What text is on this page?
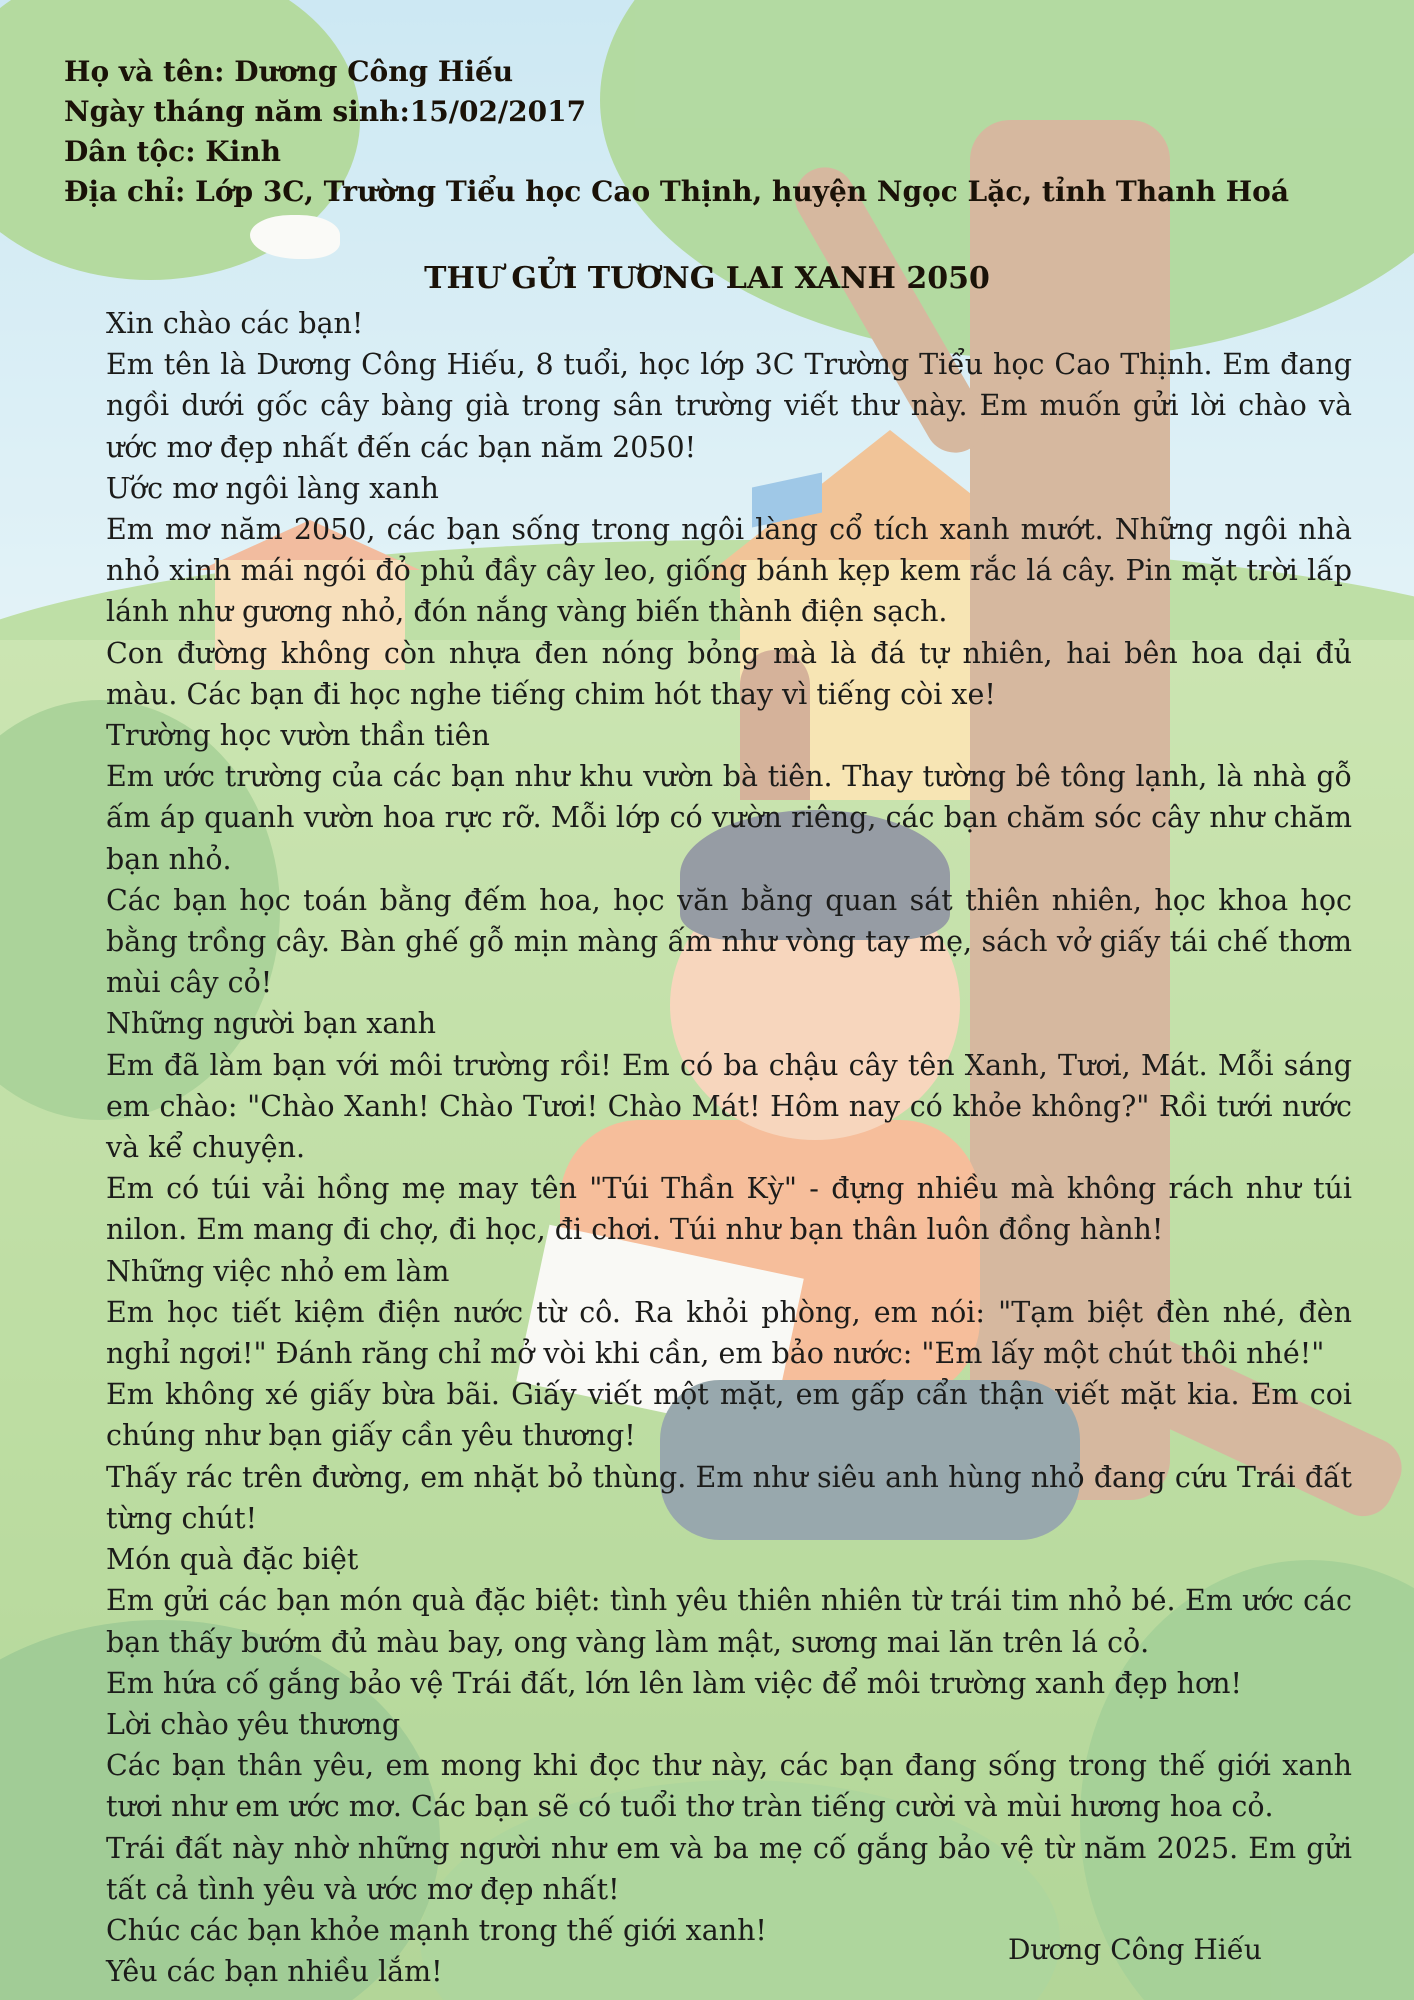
Họ và tên: Dương Công Hiếu
Ngày tháng năm sinh:15/02/2017
Dân tộc: Kinh
Địa chỉ: Lớp 3C, Trường Tiểu học Cao Thịnh, huyện Ngọc Lặc, tỉnh Thanh Hoá
THƯ GỬI TƯƠNG LAI XANH 2050

Xin chào các bạn!

Em tên là Dương Công Hiếu, 8 tuổi, học lớp 3C Trường Tiểu học Cao Thịnh. Em đang ngồi dưới gốc cây bàng già trong sân trường viết thư này. Em muốn gửi lời chào và ước mơ đẹp nhất đến các bạn năm 2050!

Ước mơ ngôi làng xanh

Em mơ năm 2050, các bạn sống trong ngôi làng cổ tích xanh mướt. Những ngôi nhà nhỏ xinh mái ngói đỏ phủ đầy cây leo, giống bánh kẹp kem rắc lá cây. Pin mặt trời lấp lánh như gương nhỏ, đón nắng vàng biến thành điện sạch.

Con đường không còn nhựa đen nóng bỏng mà là đá tự nhiên, hai bên hoa dại đủ màu. Các bạn đi học nghe tiếng chim hót thay vì tiếng còi xe!

Trường học vườn thần tiên

Em ước trường của các bạn như khu vườn bà tiên. Thay tường bê tông lạnh, là nhà gỗ ấm áp quanh vườn hoa rực rỡ. Mỗi lớp có vườn riêng, các bạn chăm sóc cây như chăm bạn nhỏ.

Các bạn học toán bằng đếm hoa, học văn bằng quan sát thiên nhiên, học khoa học bằng trồng cây. Bàn ghế gỗ mịn màng ấm như vòng tay mẹ, sách vở giấy tái chế thơm mùi cây cỏ!

Những người bạn xanh

Em đã làm bạn với môi trường rồi! Em có ba chậu cây tên Xanh, Tươi, Mát. Mỗi sáng em chào: "Chào Xanh! Chào Tươi! Chào Mát! Hôm nay có khỏe không?" Rồi tưới nước và kể chuyện.

Em có túi vải hồng mẹ may tên "Túi Thần Kỳ" - đựng nhiều mà không rách như túi nilon. Em mang đi chợ, đi học, đi chơi. Túi như bạn thân luôn đồng hành!

Những việc nhỏ em làm

Em học tiết kiệm điện nước từ cô. Ra khỏi phòng, em nói: "Tạm biệt đèn nhé, đèn nghỉ ngơi!" Đánh răng chỉ mở vòi khi cần, em bảo nước: "Em lấy một chút thôi nhé!"

Em không xé giấy bừa bãi. Giấy viết một mặt, em gấp cẩn thận viết mặt kia. Em coi chúng như bạn giấy cần yêu thương!

Thấy rác trên đường, em nhặt bỏ thùng. Em như siêu anh hùng nhỏ đang cứu Trái đất từng chút!

Món quà đặc biệt

Em gửi các bạn món quà đặc biệt: tình yêu thiên nhiên từ trái tim nhỏ bé. Em ước các bạn thấy bướm đủ màu bay, ong vàng làm mật, sương mai lăn trên lá cỏ.

Em hứa cố gắng bảo vệ Trái đất, lớn lên làm việc để môi trường xanh đẹp hơn!

Lời chào yêu thương

Các bạn thân yêu, em mong khi đọc thư này, các bạn đang sống trong thế giới xanh tươi như em ước mơ. Các bạn sẽ có tuổi thơ tràn tiếng cười và mùi hương hoa cỏ.

Trái đất này nhờ những người như em và ba mẹ cố gắng bảo vệ từ năm 2025. Em gửi tất cả tình yêu và ước mơ đẹp nhất!

Chúc các bạn khỏe mạnh trong thế giới xanh!

Yêu các bạn nhiều lắm!

Dương Công Hiếu
